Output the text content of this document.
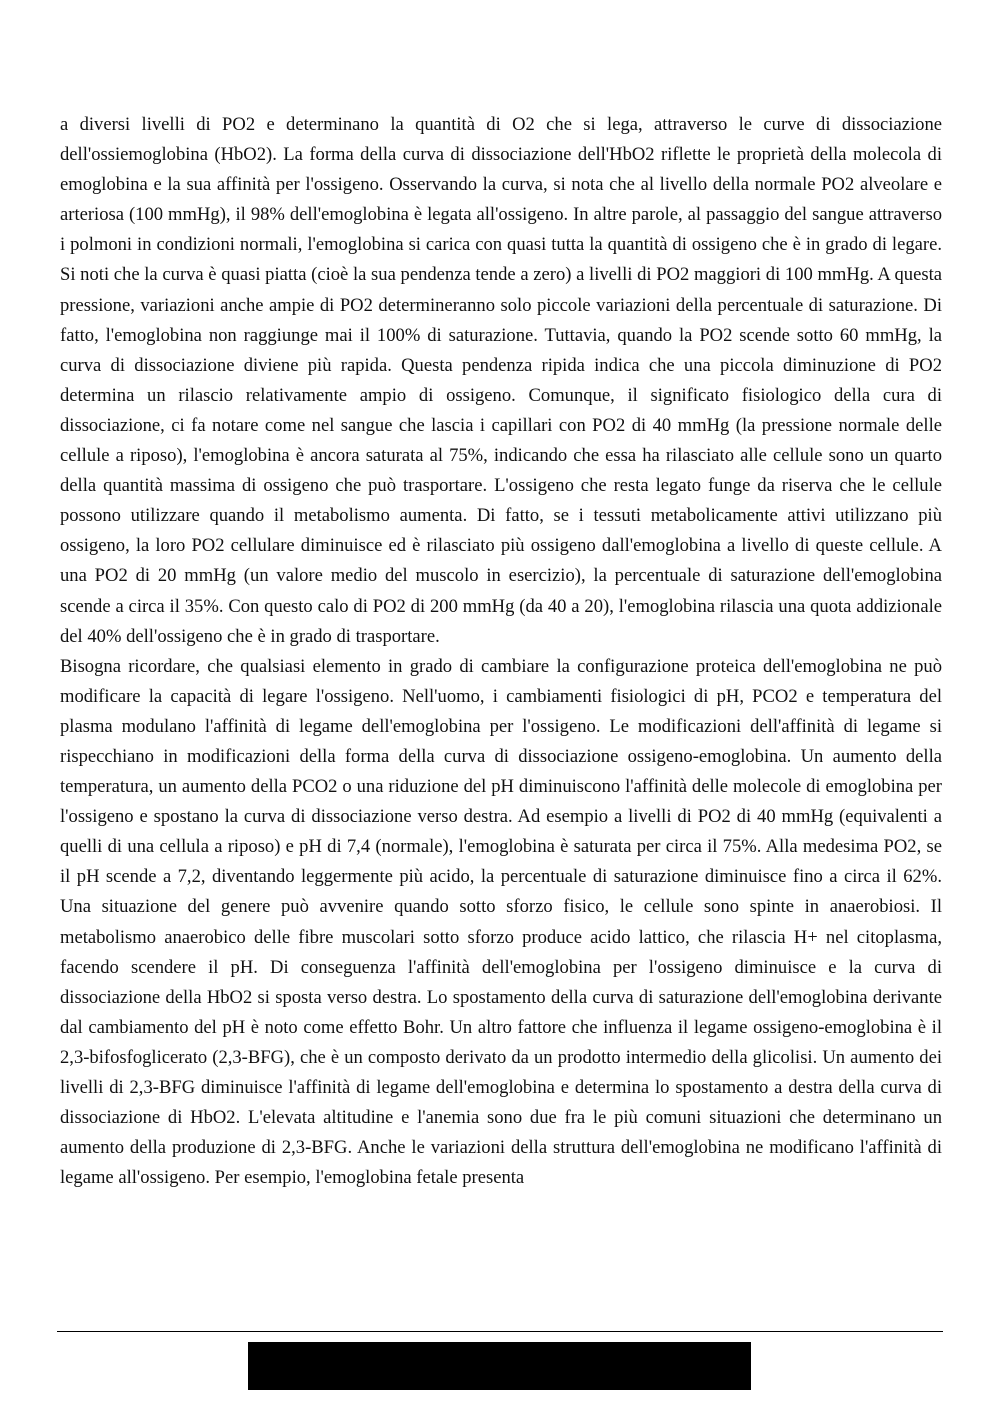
a diversi livelli di PO2 e determinano la quantità di O2 che si lega, attraverso le curve di dissociazione dell'ossiemoglobina (HbO2). La forma della curva di dissociazione dell'HbO2 riflette le proprietà della molecola di emoglobina e la sua affinità per l'ossigeno. Osservando la curva, si nota che al livello della normale PO2 alveolare e arteriosa (100 mmHg), il 98% dell'emoglobina è legata all'ossigeno. In altre parole, al passaggio del sangue attraverso i polmoni in condizioni normali, l'emoglobina si carica con quasi tutta la quantità di ossigeno che è in grado di legare. Si noti che la curva è quasi piatta (cioè la sua pendenza tende a zero) a livelli di PO2 maggiori di 100 mmHg. A questa pressione, variazioni anche ampie di PO2 determineranno solo piccole variazioni della percentuale di saturazione. Di fatto, l'emoglobina non raggiunge mai il 100% di saturazione. Tuttavia, quando la PO2 scende sotto 60 mmHg, la curva di dissociazione diviene più rapida. Questa pendenza ripida indica che una piccola diminuzione di PO2 determina un rilascio relativamente ampio di ossigeno. Comunque, il significato fisiologico della cura di dissociazione, ci fa notare come nel sangue che lascia i capillari con PO2 di 40 mmHg (la pressione normale delle cellule a riposo), l'emoglobina è ancora saturata al 75%, indicando che essa ha rilasciato alle cellule sono un quarto della quantità massima di ossigeno che può trasportare. L'ossigeno che resta legato funge da riserva che le cellule possono utilizzare quando il metabolismo aumenta. Di fatto, se i tessuti metabolicamente attivi utilizzano più ossigeno, la loro PO2 cellulare diminuisce ed è rilasciato più ossigeno dall'emoglobina a livello di queste cellule. A una PO2 di 20 mmHg (un valore medio del muscolo in esercizio), la percentuale di saturazione dell'emoglobina scende a circa il 35%. Con questo calo di PO2 di 200 mmHg (da 40 a 20), l'emoglobina rilascia una quota addizionale del 40% dell'ossigeno che è in grado di trasportare.

Bisogna ricordare, che qualsiasi elemento in grado di cambiare la configurazione proteica dell'emoglobina ne può modificare la capacità di legare l'ossigeno. Nell'uomo, i cambiamenti fisiologici di pH, PCO2 e temperatura del plasma modulano l'affinità di legame dell'emoglobina per l'ossigeno. Le modificazioni dell'affinità di legame si rispecchiano in modificazioni della forma della curva di dissociazione ossigeno-emoglobina. Un aumento della temperatura, un aumento della PCO2 o una riduzione del pH diminuiscono l'affinità delle molecole di emoglobina per l'ossigeno e spostano la curva di dissociazione verso destra. Ad esempio a livelli di PO2 di 40 mmHg (equivalenti a quelli di una cellula a riposo) e pH di 7,4 (normale), l'emoglobina è saturata per circa il 75%. Alla medesima PO2, se il pH scende a 7,2, diventando leggermente più acido, la percentuale di saturazione diminuisce fino a circa il 62%. Una situazione del genere può avvenire quando sotto sforzo fisico, le cellule sono spinte in anaerobiosi. Il metabolismo anaerobico delle fibre muscolari sotto sforzo produce acido lattico, che rilascia H+ nel citoplasma, facendo scendere il pH. Di conseguenza l'affinità dell'emoglobina per l'ossigeno diminuisce e la curva di dissociazione della HbO2 si sposta verso destra. Lo spostamento della curva di saturazione dell'emoglobina derivante dal cambiamento del pH è noto come effetto Bohr. Un altro fattore che influenza il legame ossigeno-emoglobina è il 2,3-bifosfoglicerato (2,3-BFG), che è un composto derivato da un prodotto intermedio della glicolisi. Un aumento dei livelli di 2,3-BFG diminuisce l'affinità di legame dell'emoglobina e determina lo spostamento a destra della curva di dissociazione di HbO2. L'elevata altitudine e l'anemia sono due fra le più comuni situazioni che determinano un aumento della produzione di 2,3-BFG. Anche le variazioni della struttura dell'emoglobina ne modificano l'affinità di legame all'ossigeno. Per esempio, l'emoglobina fetale presenta
